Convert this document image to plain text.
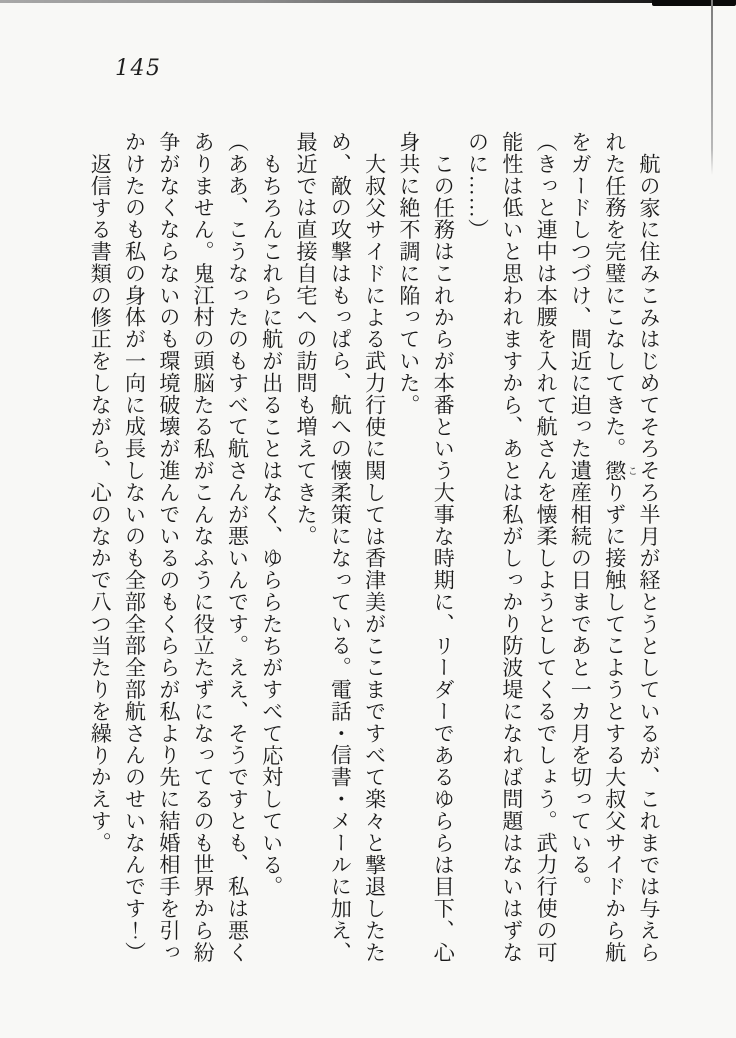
145

航の家に住みこみはじめてそろそろ半月が経とうとしているが、これまでは与えられた任務を完璧にこなしてきた。懲こりずに接触してこようとする大叔父サイドから航をガードしつづけ、間近に迫った遺産相続の日まであと一カ月を切っている。

（きっと連中は本腰を入れて航さんを懐柔しようとしてくるでしょう。武力行使の可能性は低いと思われますから、あとは私がしっかり防波堤になれば問題はないはずなのに……）

この任務はこれからが本番という大事な時期に、リーダーであるゆららは目下、心身共に絶不調に陥っていた。

大叔父サイドによる武力行使に関しては香津美がここまですべて楽々と撃退したため、敵の攻撃はもっぱら、航への懐柔策になっている。電話・信書・メールに加え、最近では直接自宅への訪問も増えてきた。

もちろんこれらに航が出ることはなく、ゆららたちがすべて応対している。

（ああ、こうなったのもすべて航さんが悪いんです。ええ、そうですとも、私は悪くありません。鬼江村の頭脳たる私がこんなふうに役立たずになってるのも世界から紛争がなくならないのも環境破壊が進んでいるのもくららが私より先に結婚相手を引っかけたのも私の身体が一向に成長しないのも全部全部全部航さんのせいなんです！）

返信する書類の修正をしながら、心のなかで八つ当たりを繰りかえす。
